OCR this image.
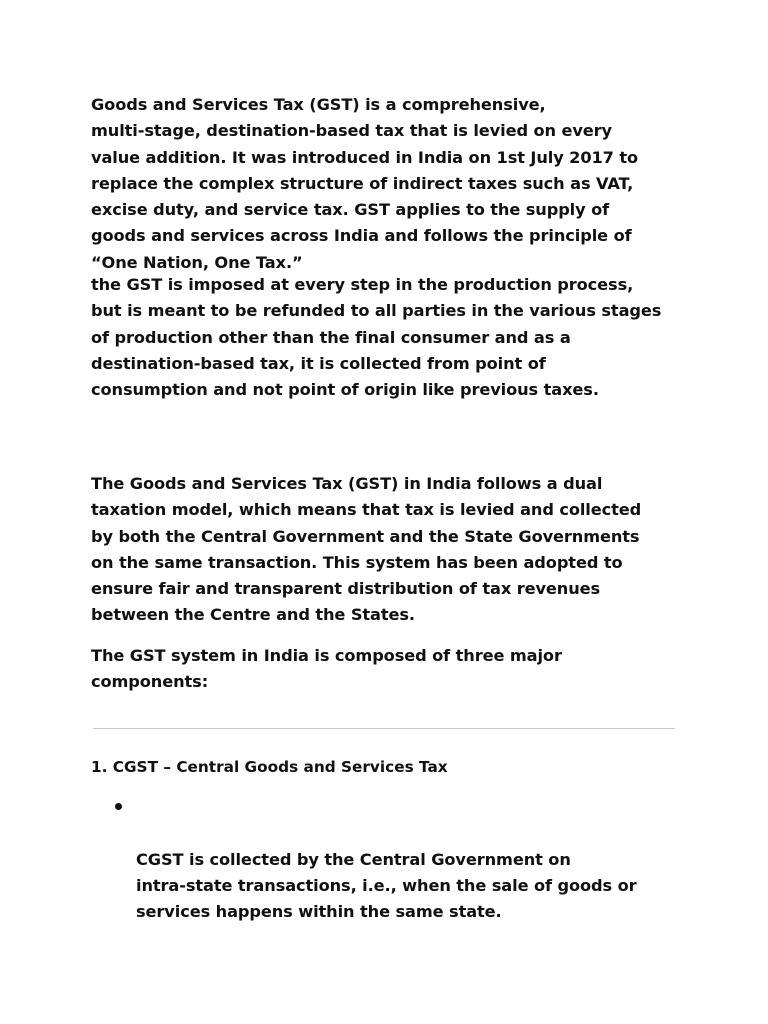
Goods and Services Tax (GST) is a comprehensive,
multi-stage, destination-based tax that is levied on every
value addition. It was introduced in India on 1st July 2017 to
replace the complex structure of indirect taxes such as VAT,
excise duty, and service tax. GST applies to the supply of
goods and services across India and follows the principle of
“One Nation, One Tax.”

the GST is imposed at every step in the production process,
but is meant to be refunded to all parties in the various stages
of production other than the final consumer and as a
destination-based tax, it is collected from point of
consumption and not point of origin like previous taxes.

The Goods and Services Tax (GST) in India follows a dual
taxation model, which means that tax is levied and collected
by both the Central Government and the State Governments
on the same transaction. This system has been adopted to
ensure fair and transparent distribution of tax revenues
between the Centre and the States.

The GST system in India is composed of three major
components:

1. CGST – Central Goods and Services Tax

CGST is collected by the Central Government on
intra-state transactions, i.e., when the sale of goods or
services happens within the same state.
